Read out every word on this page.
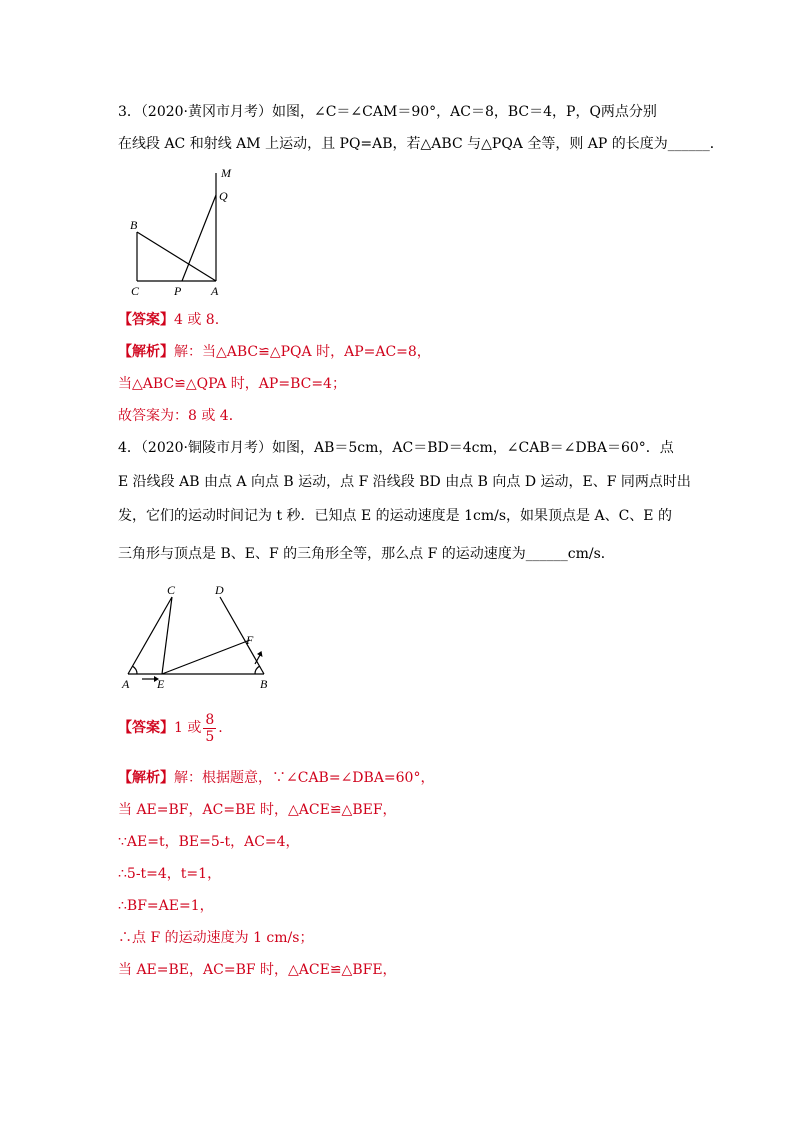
3．（2020·黄冈市月考）如图，∠C＝∠CAM＝90°，AC＝8，BC＝4，P，Q两点分别
在线段 AC 和射线 AM 上运动，且 PQ=AB，若△ABC 与△PQA 全等，则 AP 的长度为______．
M
Q
B
C	P A
【答案】4 或 8.
【解析】解：当△ABC≌△PQA 时，AP=AC=8，
当△ABC≌△QPA 时，AP=BC=4；
故答案为：8 或 4．
4．（2020·铜陵市月考）如图，AB＝5cm，AC＝BD＝4cm，∠CAB＝∠DBA＝60°．点
E 沿线段 AB 由点 A 向点 B 运动，点 F 沿线段 BD 由点 B 向点 D 运动，E、F 同两点时出
发，它们的运动时间记为 t 秒．已知点 E 的运动速度是 1cm/s，如果顶点是 A、C、E 的
三角形与顶点是 B、E、F 的三角形全等，那么点 F 的运动速度为______cm/s．
C	D
F
A E	B
【答案】1 或 $\frac{8}{5}$ .
【解析】解：根据题意，∵∠CAB=∠DBA=60°，
当 AE=BF，AC=BE 时，△ACE≌△BEF，
∵AE=t，BE=5-t，AC=4，
∴5-t=4，t=1，
∴BF=AE=1，
∴点 F 的运动速度为 1 cm/s；
当 AE=BE，AC=BF 时，△ACE≌△BFE，
